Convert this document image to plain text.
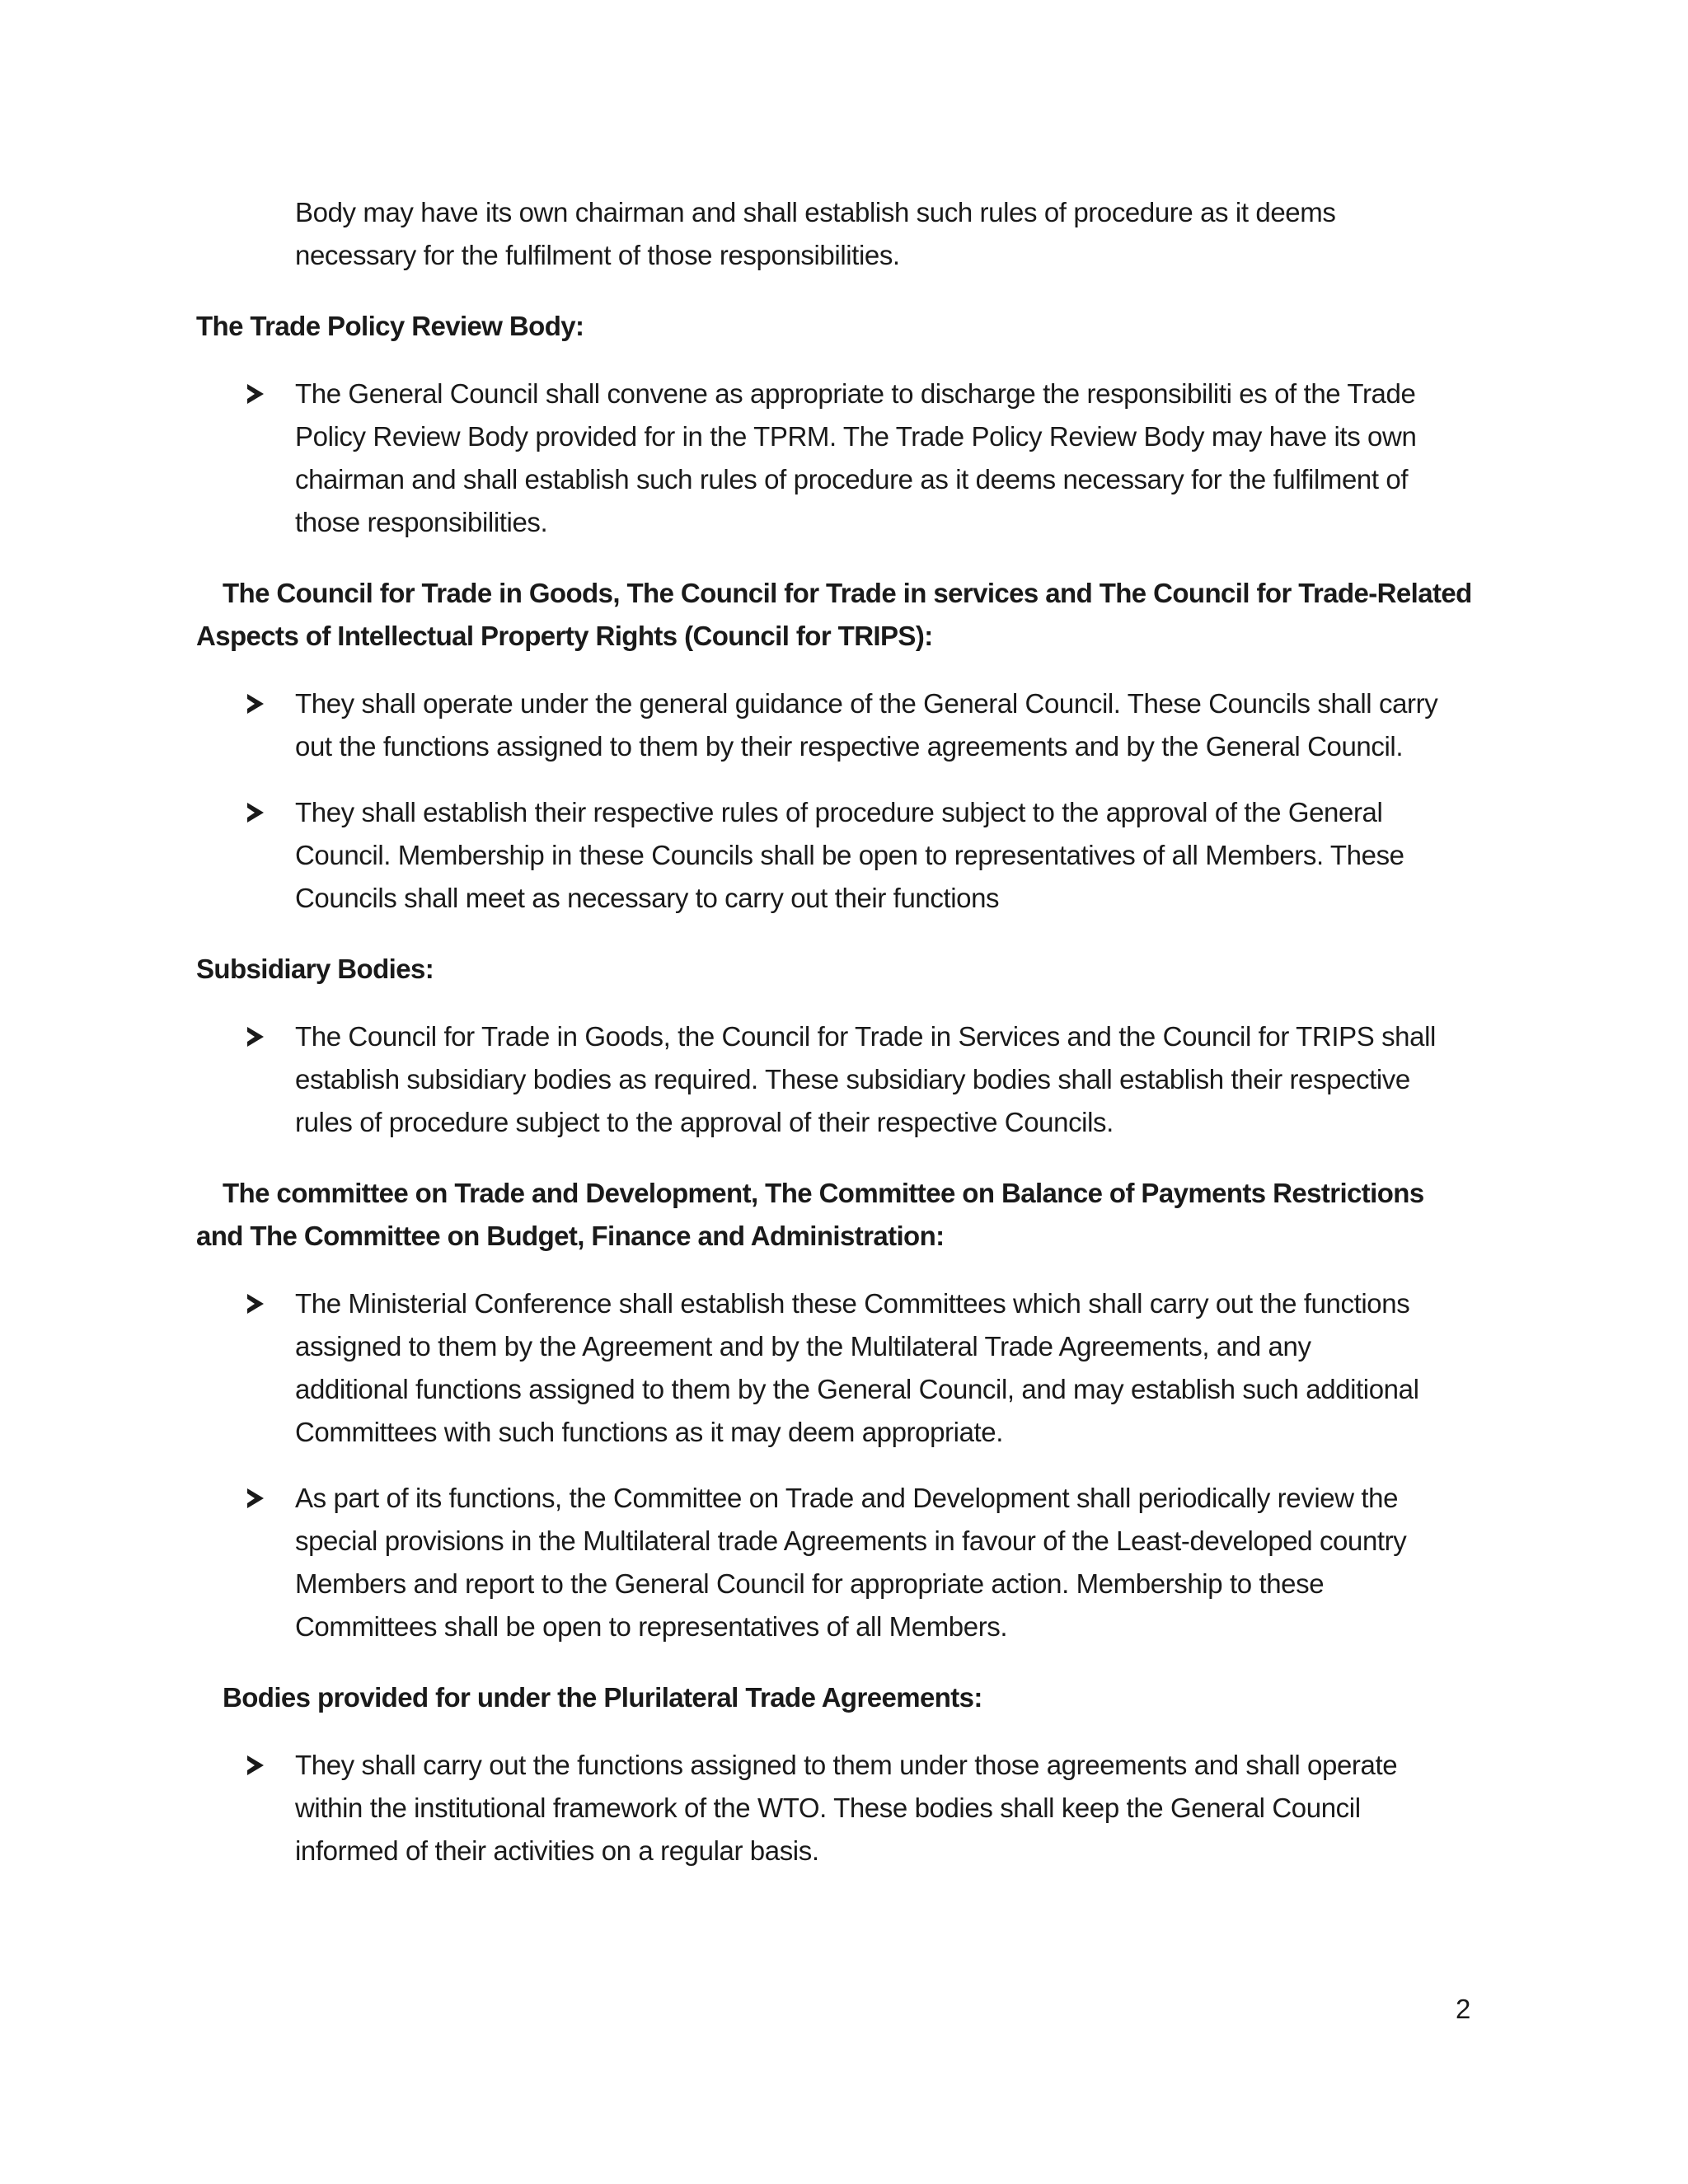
Body may have its own chairman and shall establish such rules of procedure as it deems
necessary for the fulfilment of those responsibilities.
The Trade Policy Review Body:
The General Council shall convene as appropriate to discharge the responsibiliti es of the Trade
Policy Review Body provided for in the TPRM. The Trade Policy Review Body may have its own
chairman and shall establish such rules of procedure as it deems necessary for the fulfilment of
those responsibilities.
The Council for Trade in Goods, The Council for Trade in services and The Council for Trade-Related
Aspects of Intellectual Property Rights (Council for TRIPS):
They shall operate under the general guidance of the General Council. These Councils shall carry
out the functions assigned to them by their respective agreements and by the General Council.
They shall establish their respective rules of procedure subject to the approval of the General
Council. Membership in these Councils shall be open to representatives of all Members. These
Councils shall meet as necessary to carry out their functions
Subsidiary Bodies:
The Council for Trade in Goods, the Council for Trade in Services and the Council for TRIPS shall
establish subsidiary bodies as required. These subsidiary bodies shall establish their respective
rules of procedure subject to the approval of their respective Councils.
The committee on Trade and Development, The Committee on Balance of Payments Restrictions
and The Committee on Budget, Finance and Administration:
The Ministerial Conference shall establish these Committees which shall carry out the functions
assigned to them by the Agreement and by the Multilateral Trade Agreements, and any
additional functions assigned to them by the General Council, and may establish such additional
Committees with such functions as it may deem appropriate.
As part of its functions, the Committee on Trade and Development shall periodically review the
special provisions in the Multilateral trade Agreements in favour of the Least-developed country
Members and report to the General Council for appropriate action. Membership to these
Committees shall be open to representatives of all Members.
Bodies provided for under the Plurilateral Trade Agreements:
They shall carry out the functions assigned to them under those agreements and shall operate
within the institutional framework of the WTO. These bodies shall keep the General Council
informed of their activities on a regular basis.
2
